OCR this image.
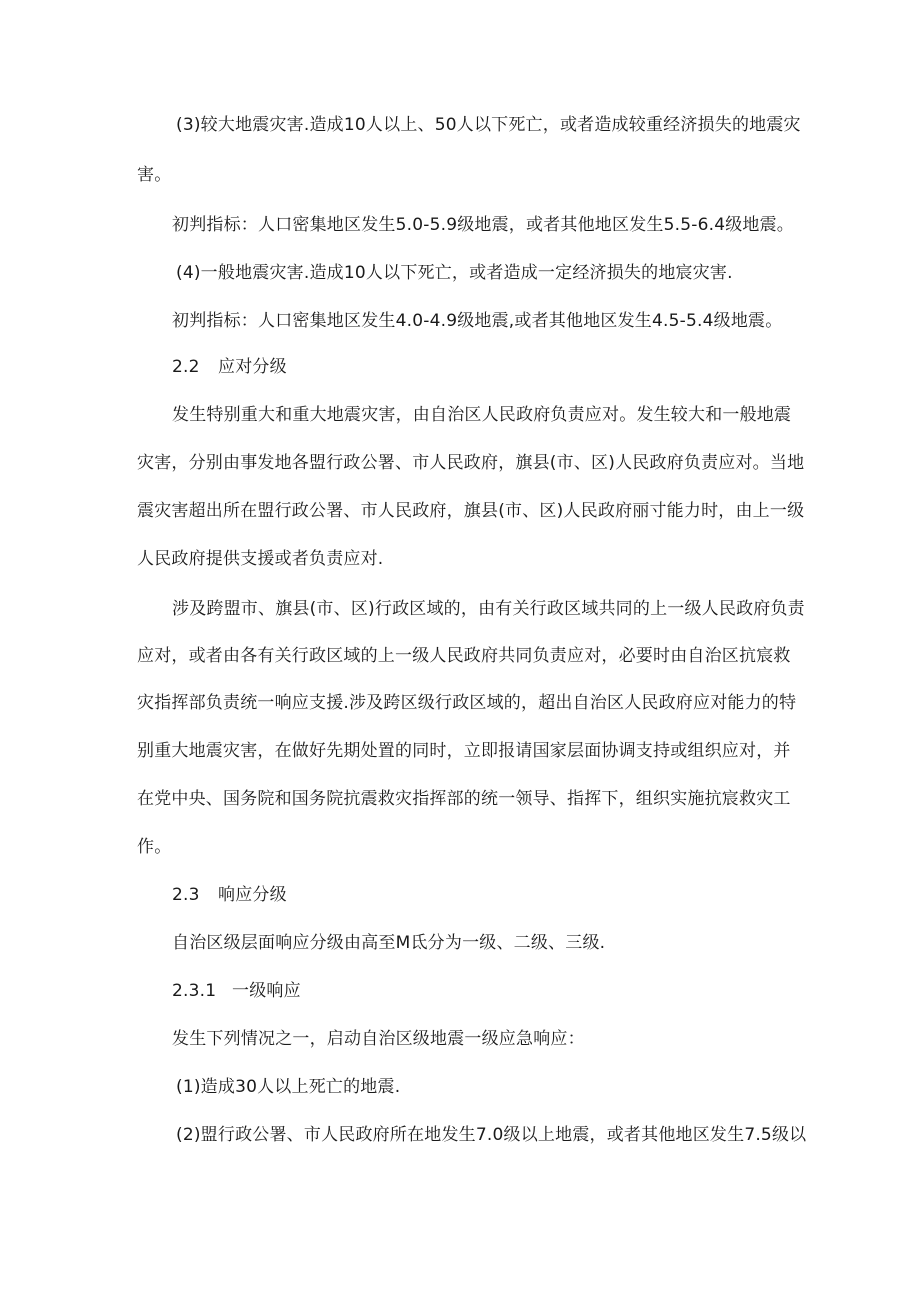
(3)较大地震灾害.造成10人以上、50人以下死亡，或者造成较重经济损失的地震灾
害。
初判指标：人口密集地区发生5.0-5.9级地震，或者其他地区发生5.5-6.4级地震。
(4)一般地震灾害.造成10人以下死亡，或者造成一定经济损失的地宸灾害.
初判指标：人口密集地区发生4.0-4.9级地震,或者其他地区发生4.5-5.4级地震。
2.2 应对分级
发生特别重大和重大地震灾害，由自治区人民政府负责应对。发生较大和一般地震
灾害，分别由事发地各盟行政公署、市人民政府，旗县(市、区)人民政府负责应对。当地
震灾害超出所在盟行政公署、市人民政府，旗县(市、区)人民政府丽寸能力时，由上一级
人民政府提供支援或者负责应对.
涉及跨盟市、旗县(市、区)行政区域的，由有关行政区域共同的上一级人民政府负责
应对，或者由各有关行政区域的上一级人民政府共同负责应对，必要时由自治区抗宸救
灾指挥部负责统一响应支援.涉及跨区级行政区域的，超出自治区人民政府应对能力的特
别重大地震灾害，在做好先期处置的同时，立即报请国家层面协调支持或组织应对，并
在党中央、国务院和国务院抗震救灾指挥部的统一领导、指挥下，组织实施抗宸救灾工
作。
2.3 响应分级
自治区级层面响应分级由高至M氐分为一级、二级、三级.
2.3.1 一级响应
发生下列情况之一，启动自治区级地震一级应急响应：
(1)造成30人以上死亡的地震.
(2)盟行政公署、市人民政府所在地发生7.0级以上地震，或者其他地区发生7.5级以
